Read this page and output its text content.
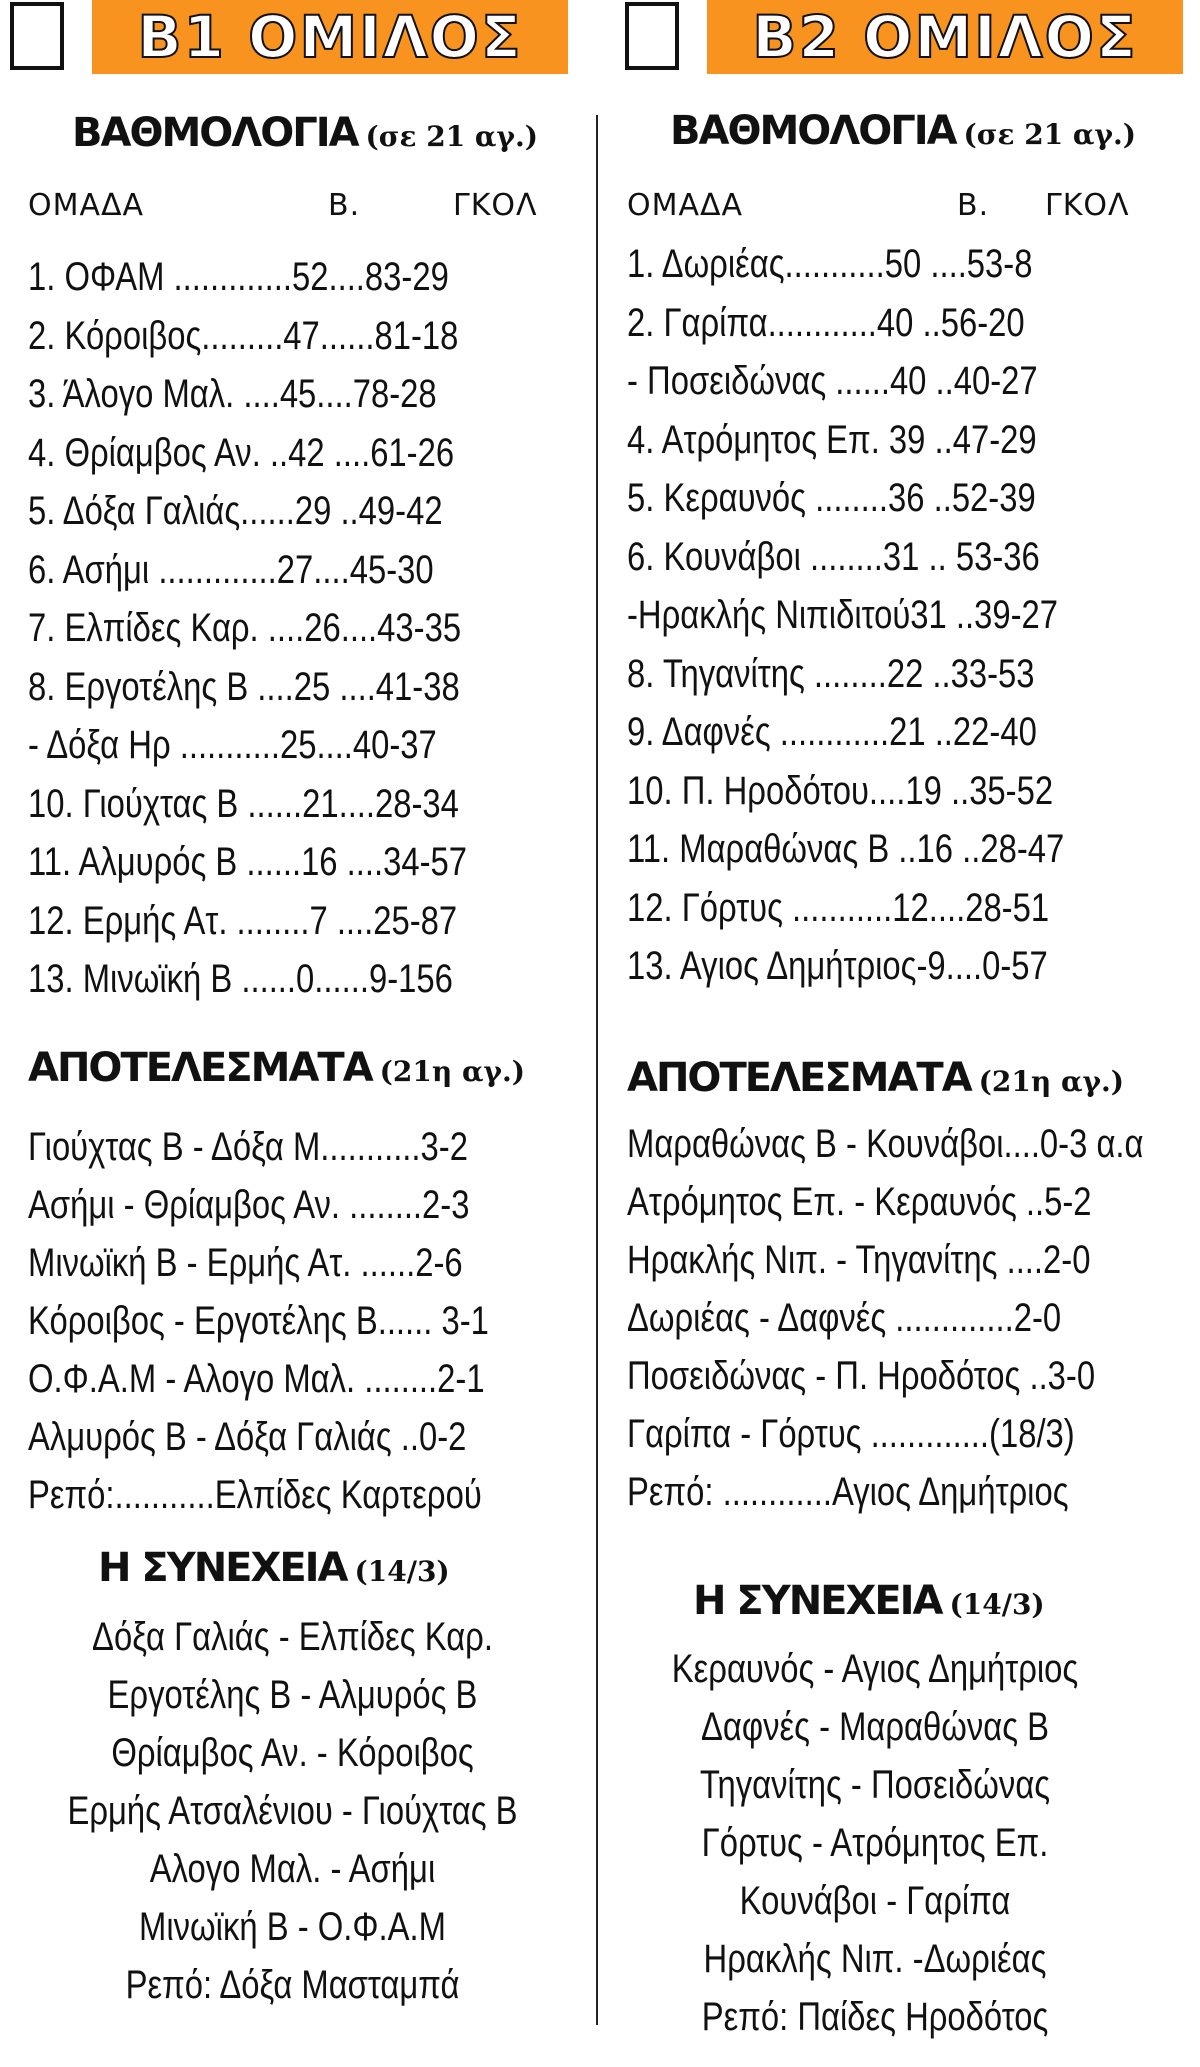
B1 ΟΜΙΛΟΣ
ΒΑΘΜΟΛΟΓΙΑ (σε 21 αγ.)
ΟΜΑΔΑ	Β.	ΓΚΟΛ
1. ΟΦΑΜ .............52....83-29
2. Κόροιβος.........47......81-18
3. Άλογο Μαλ. ....45....78-28
4. Θρίαμβος Αν. ..42 ....61-26
5. Δόξα Γαλιάς......29 ..49-42
6. Ασήμι .............27....45-30
7. Ελπίδες Καρ. ....26....43-35
8. Εργοτέλης Β ....25 ....41-38
- Δόξα Ηρ ...........25....40-37
10. Γιούχτας Β ......21....28-34
11. Αλμυρός Β ......16 ....34-57
12. Ερμής Ατ. ........7 ....25-87
13. Μινωϊκή Β ......0......9-156
ΑΠΟΤΕΛΕΣΜΑΤΑ (21η αγ.)
Γιούχτας Β - Δόξα Μ...........3-2
Ασήμι - Θρίαμβος Αν. ........2-3
Μινωϊκή Β - Ερμής Ατ. ......2-6
Κόροιβος - Εργοτέλης Β...... 3-1
Ο.Φ.Α.Μ - Αλογο Μαλ. ........2-1
Αλμυρός Β - Δόξα Γαλιάς ..0-2
Ρεπό:...........Ελπίδες Καρτερού
Η ΣΥΝΕΧΕΙΑ (14/3)
Δόξα Γαλιάς - Ελπίδες Καρ.
Εργοτέλης Β - Αλμυρός Β
Θρίαμβος Αν. - Κόροιβος
Ερμής Ατσαλένιου - Γιούχτας Β
Αλογο Μαλ. - Ασήμι
Μινωϊκή Β - Ο.Φ.Α.Μ
Ρεπό: Δόξα Μασταμπά
B2 ΟΜΙΛΟΣ
ΒΑΘΜΟΛΟΓΙΑ (σε 21 αγ.)
ΟΜΑΔΑ	Β. ΓΚΟΛ
1. Δωριέας...........50 ....53-8
2. Γαρίπα............40 ..56-20
- Ποσειδώνας ......40 ..40-27
4. Ατρόμητος Επ. 39 ..47-29
5. Κεραυνός ........36 ..52-39
6. Κουνάβοι ........31 .. 53-36
-Ηρακλής Νιπιδιτού31 ..39-27
8. Τηγανίτης ........22 ..33-53
9. Δαφνές ............21 ..22-40
10. Π. Ηροδότου....19 ..35-52
11. Μαραθώνας Β ..16 ..28-47
12. Γόρτυς ...........12....28-51
13. Αγιος Δημήτριος-9....0-57
ΑΠΟΤΕΛΕΣΜΑΤΑ (21η αγ.)
Μαραθώνας Β - Κουνάβοι....0-3 α.α
Ατρόμητος Επ. - Κεραυνός ..5-2
Ηρακλής Νιπ. - Τηγανίτης ....2-0
Δωριέας - Δαφνές .............2-0
Ποσειδώνας - Π. Ηροδότος ..3-0
Γαρίπα - Γόρτυς .............(18/3)
Ρεπό: ............Αγιος Δημήτριος
Η ΣΥΝΕΧΕΙΑ (14/3)
Κεραυνός - Αγιος Δημήτριος
Δαφνές - Μαραθώνας Β
Τηγανίτης - Ποσειδώνας
Γόρτυς - Ατρόμητος Επ.
Κουνάβοι - Γαρίπα
Ηρακλής Νιπ. -Δωριέας
Ρεπό: Παίδες Ηροδότος
